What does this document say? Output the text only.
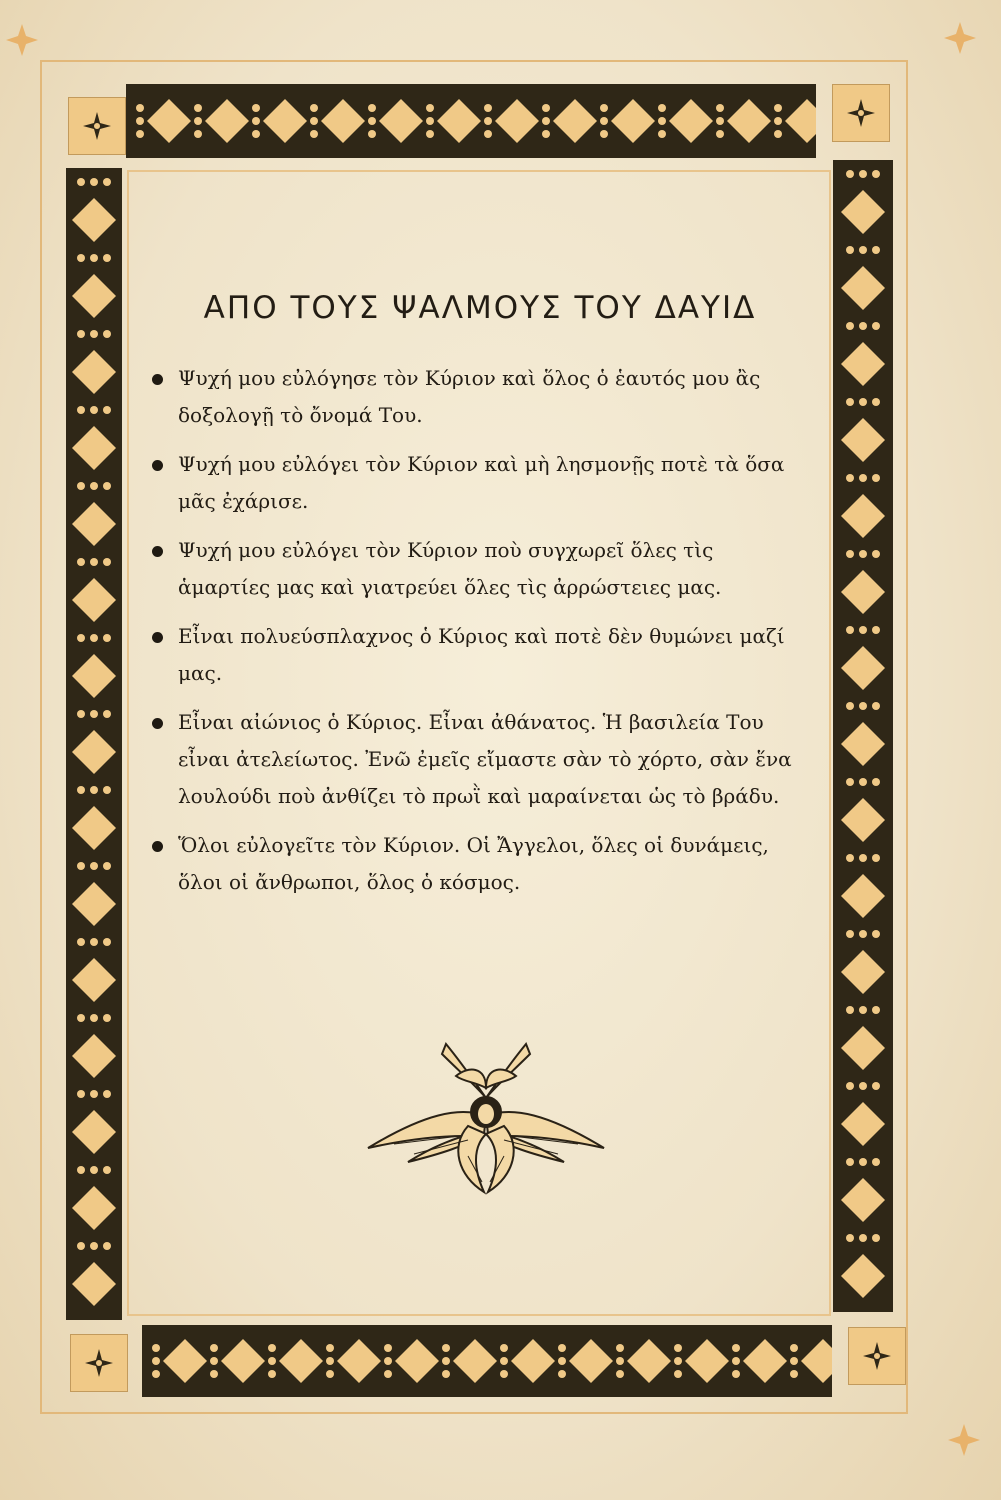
ΑΠΟ ΤΟΥΣ ΨΑΛΜΟΥΣ ΤΟΥ ΔΑΥΙΔ
Ψυχή μου εὐλόγησε τὸν Κύριον καὶ ὅλος ὁ ἑαυτός μου ἂς δοξολογῇ τὸ ὄνομά Του.
Ψυχή μου εὐλόγει τὸν Κύριον καὶ μὴ λησμονῇς ποτὲ τὰ ὅσα μᾶς ἐχάρισε.
Ψυχή μου εὐλόγει τὸν Κύριον ποὺ συγχωρεῖ ὅλες τὶς ἁμαρτίες μας καὶ γιατρεύει ὅλες τὶς ἀρρώστειες μας.
Εἶναι πολυεύσπλαχνος ὁ Κύριος καὶ ποτὲ δὲν θυμώνει μαζί μας.
Εἶναι αἰώνιος ὁ Κύριος. Εἶναι ἀθάνατος. Ἡ βασιλεία Του εἶναι ἀτελείωτος. Ἐνῶ ἐμεῖς εἴμαστε σὰν τὸ χόρτο, σὰν ἕνα λουλούδι ποὺ ἀνθίζει τὸ πρωῒ καὶ μαραίνεται ὡς τὸ βράδυ.
Ὅλοι εὐλογεῖτε τὸν Κύριον. Οἱ Ἄγγελοι, ὅλες οἱ δυνάμεις, ὅλοι οἱ ἄνθρωποι, ὅλος ὁ κόσμος.
